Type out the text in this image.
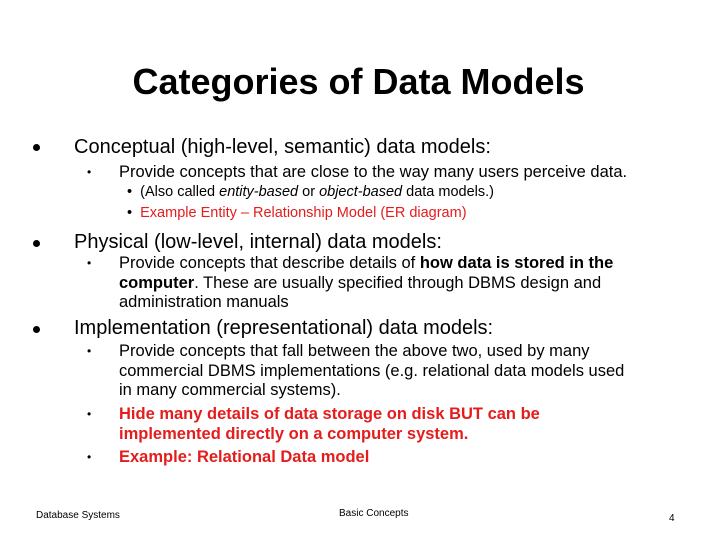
Categories of Data Models
Conceptual (high-level, semantic) data models:
• Provide concepts that are close to the way many users perceive data.
•  (Also called entity-based or object-based data models.)
•  Example Entity – Relationship Model (ER diagram)
Physical (low-level, internal) data models:
• Provide concepts that describe details of how data is stored in the
computer. These are usually specified through DBMS design and
administration manuals
Implementation (representational) data models:
• Provide concepts that fall between the above two, used by many
commercial DBMS implementations (e.g. relational data models used
in many commercial systems).
• Hide many details of data storage on disk BUT can be
implemented directly on a computer system.
• Example: Relational Data model
Database Systems	Basic Concepts	4
